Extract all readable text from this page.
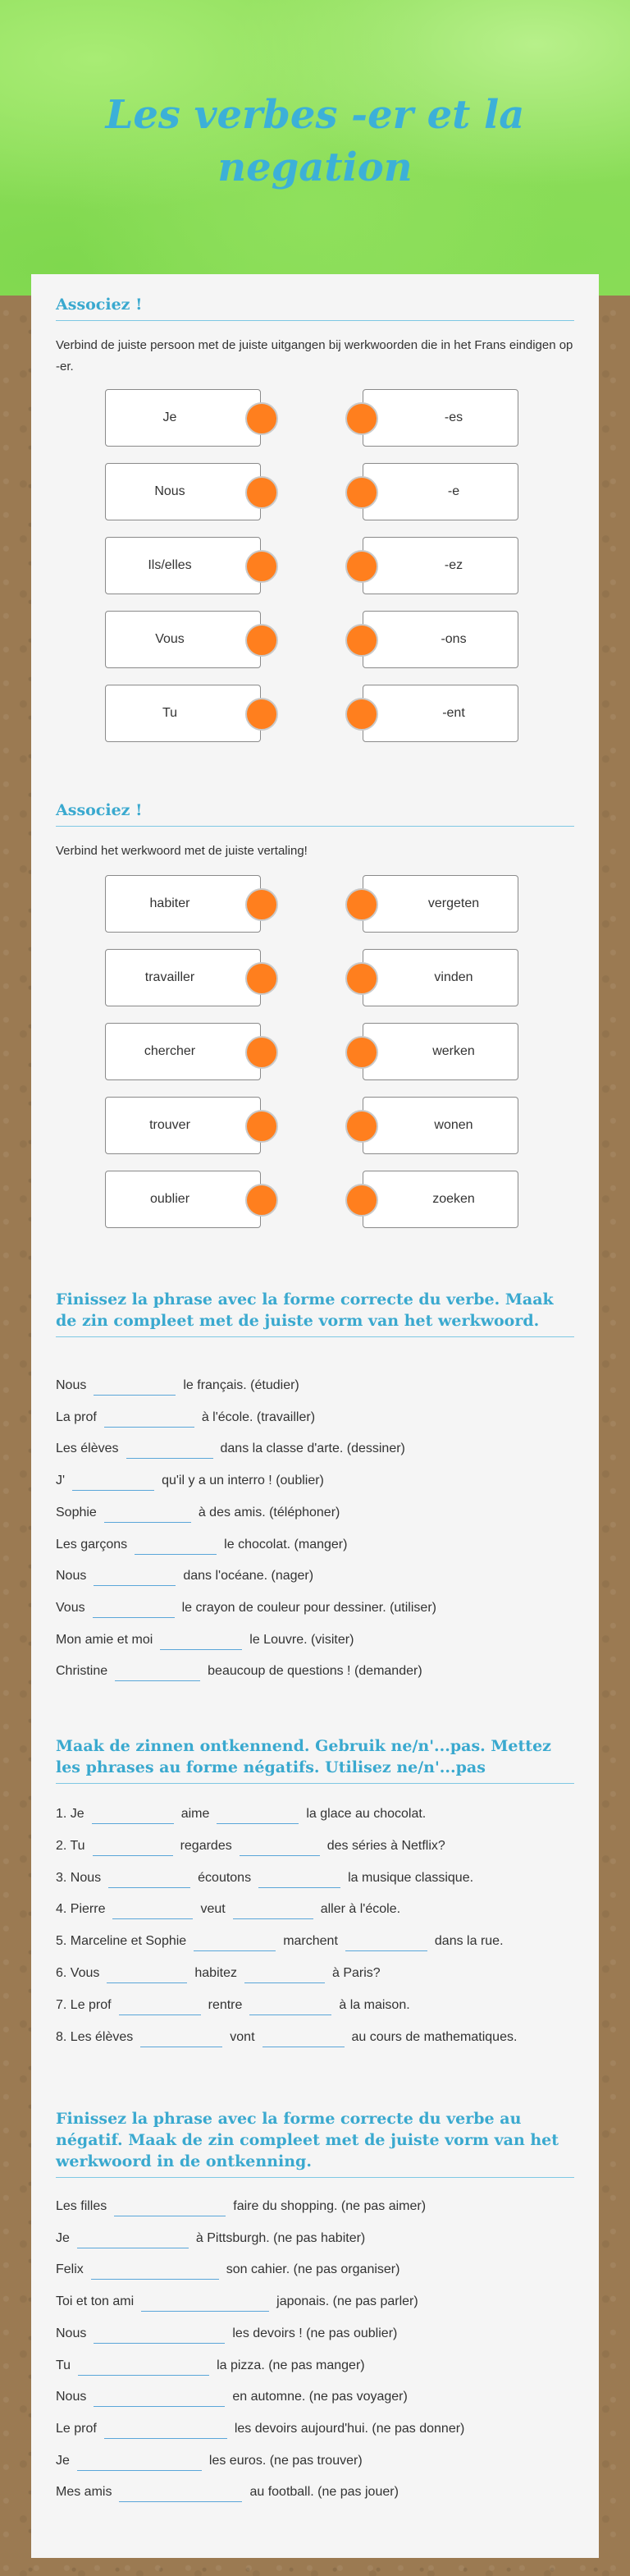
Les verbes -er et la negation
Associez !

Verbind de juiste persoon met de juiste uitgangen bij werkwoorden die in het Frans eindigen op -er.

Je	-es
Nous	-e
Ils/elles	-ez
Vous	-ons
Tu	-ent
Associez !

Verbind het werkwoord met de juiste vertaling!

habiter	vergeten
travailler	vinden
chercher	werken
trouver	wonen
oublier	zoeken
Finissez la phrase avec la forme correcte du verbe. Maak de zin compleet met de juiste vorm van het werkwoord.
Nous	le français. (étudier)
La prof	à l'école. (travailler)
Les élèves	dans la classe d'arte. (dessiner)
J'	qu'il y a un interro ! (oublier)
Sophie	à des amis. (téléphoner)
Les garçons	le chocolat. (manger)
Nous	dans l'océane. (nager)
Vous	le crayon de couleur pour dessiner. (utiliser)
Mon amie et moi	le Louvre. (visiter)
Christine	beaucoup de questions ! (demander)
Maak de zinnen ontkennend. Gebruik ne/n'...pas. Mettez les phrases au forme négatifs. Utilisez ne/n'...pas
1. Je	aime	la glace au chocolat.
2. Tu	regardes	des séries à Netflix?
3. Nous	écoutons	la musique classique.
4. Pierre	veut	aller à l'école.
5. Marceline et Sophie	marchent	dans la rue.
6. Vous	habitez	à Paris?
7. Le prof	rentre	à la maison.
8. Les élèves	vont	au cours de mathematiques.
Finissez la phrase avec la forme correcte du verbe au négatif. Maak de zin compleet met de juiste vorm van het werkwoord in de ontkenning.
Les filles	faire du shopping. (ne pas aimer)
Je	à Pittsburgh. (ne pas habiter)
Felix	son cahier. (ne pas organiser)
Toi et ton ami	japonais. (ne pas parler)
Nous	les devoirs ! (ne pas oublier)
Tu	la pizza. (ne pas manger)
Nous	en automne. (ne pas voyager)
Le prof	les devoirs aujourd'hui. (ne pas donner)
Je	les euros. (ne pas trouver)
Mes amis	au football. (ne pas jouer)
